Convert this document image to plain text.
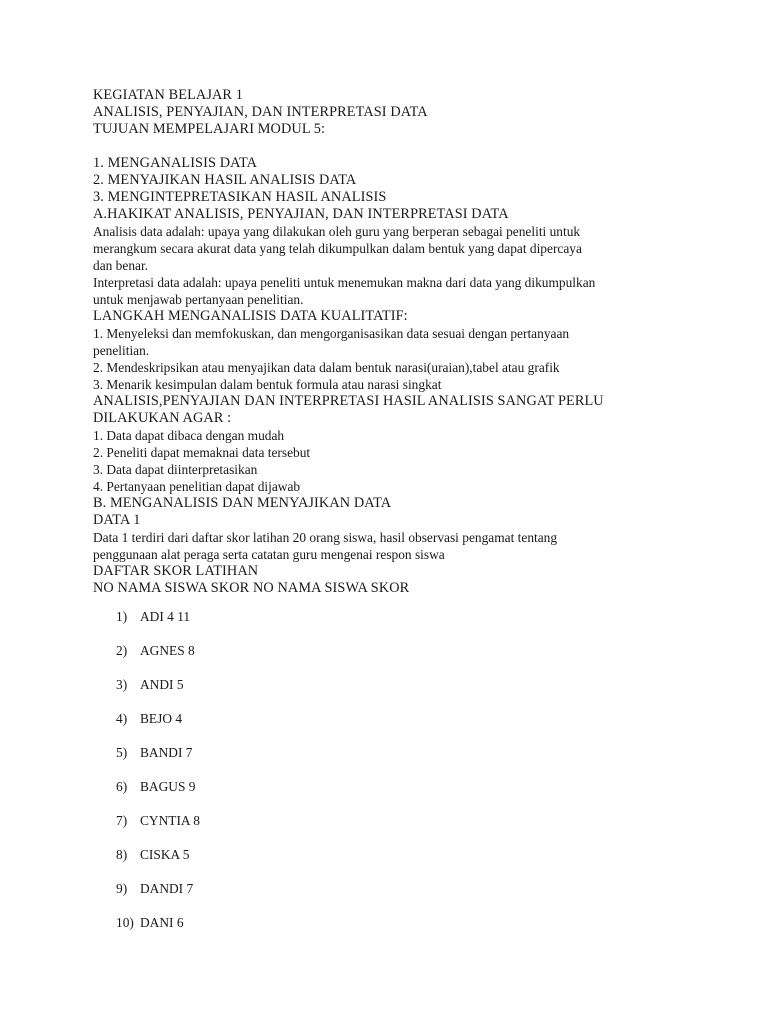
KEGIATAN BELAJAR 1

ANALISIS, PENYAJIAN, DAN INTERPRETASI DATA

TUJUAN MEMPELAJARI MODUL 5:

1. MENGANALISIS DATA

2. MENYAJIKAN HASIL ANALISIS DATA

3. MENGINTEPRETASIKAN HASIL ANALISIS

A.HAKIKAT ANALISIS, PENYAJIAN, DAN INTERPRETASI DATA

Analisis data adalah: upaya yang dilakukan oleh guru yang berperan sebagai peneliti untuk

merangkum secara akurat data yang telah dikumpulkan dalam bentuk yang dapat dipercaya

dan benar.

Interpretasi data adalah: upaya peneliti untuk menemukan makna dari data yang dikumpulkan

untuk menjawab pertanyaan penelitian.

LANGKAH MENGANALISIS DATA KUALITATIF:

1. Menyeleksi dan memfokuskan, dan mengorganisasikan data sesuai dengan pertanyaan

penelitian.

2. Mendeskripsikan atau menyajikan data dalam bentuk narasi(uraian),tabel atau grafik

3. Menarik kesimpulan dalam bentuk formula atau narasi singkat

ANALISIS,PENYAJIAN DAN INTERPRETASI HASIL ANALISIS SANGAT PERLU

DILAKUKAN AGAR :

1. Data dapat dibaca dengan mudah

2. Peneliti dapat memaknai data tersebut

3. Data dapat diinterpretasikan

4. Pertanyaan penelitian dapat dijawab

B. MENGANALISIS DAN MENYAJIKAN DATA

DATA 1

Data 1 terdiri dari daftar skor latihan 20 orang siswa, hasil observasi pengamat tentang

penggunaan alat peraga serta catatan guru mengenai respon siswa

DAFTAR SKOR LATIHAN

NO NAMA SISWA SKOR NO NAMA SISWA SKOR

1) ADI 4 11
2) AGNES 8
3) ANDI 5
4) BEJO 4
5) BANDI 7
6) BAGUS 9
7) CYNTIA 8
8) CISKA 5
9) DANDI 7
10) DANI 6
